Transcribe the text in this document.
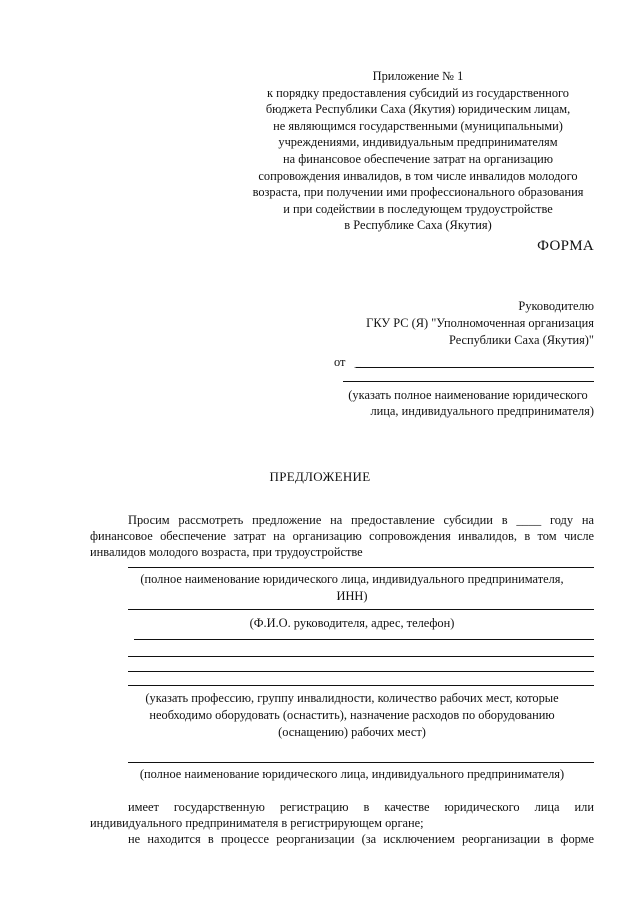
Приложение № 1
к порядку предоставления субсидий из государственного
бюджета Республики Саха (Якутия) юридическим лицам,
не являющимся государственными (муниципальными)
учреждениями, индивидуальным предпринимателям
на финансовое обеспечение затрат на организацию
сопровождения инвалидов, в том числе инвалидов молодого
возраста, при получении ими профессионального образования
и при содействии в последующем трудоустройстве
в Республике Саха (Якутия)
ФОРМА
Руководителю
ГКУ РС (Я) "Уполномоченная организация
Республики Саха (Якутия)"
от _
(указать полное наименование юридического
лица, индивидуального предпринимателя)
ПРЕДЛОЖЕНИЕ
Просим рассмотреть предложение на предоставление субсидии в ____ году на
финансовое обеспечение затрат на организацию сопровождения инвалидов, в том числе
инвалидов молодого возраста, при трудоустройстве
(полное наименование юридического лица, индивидуального предпринимателя,
ИНН)
(Ф.И.О. руководителя, адрес, телефон)
(указать профессию, группу инвалидности, количество рабочих мест, которые
необходимо оборудовать (оснастить), назначение расходов по оборудованию
(оснащению) рабочих мест)
(полное наименование юридического лица, индивидуального предпринимателя)
имеет государственную регистрацию в качестве юридического лица или
индивидуального предпринимателя в регистрирующем органе;
не находится в процессе реорганизации (за исключением реорганизации в форме
